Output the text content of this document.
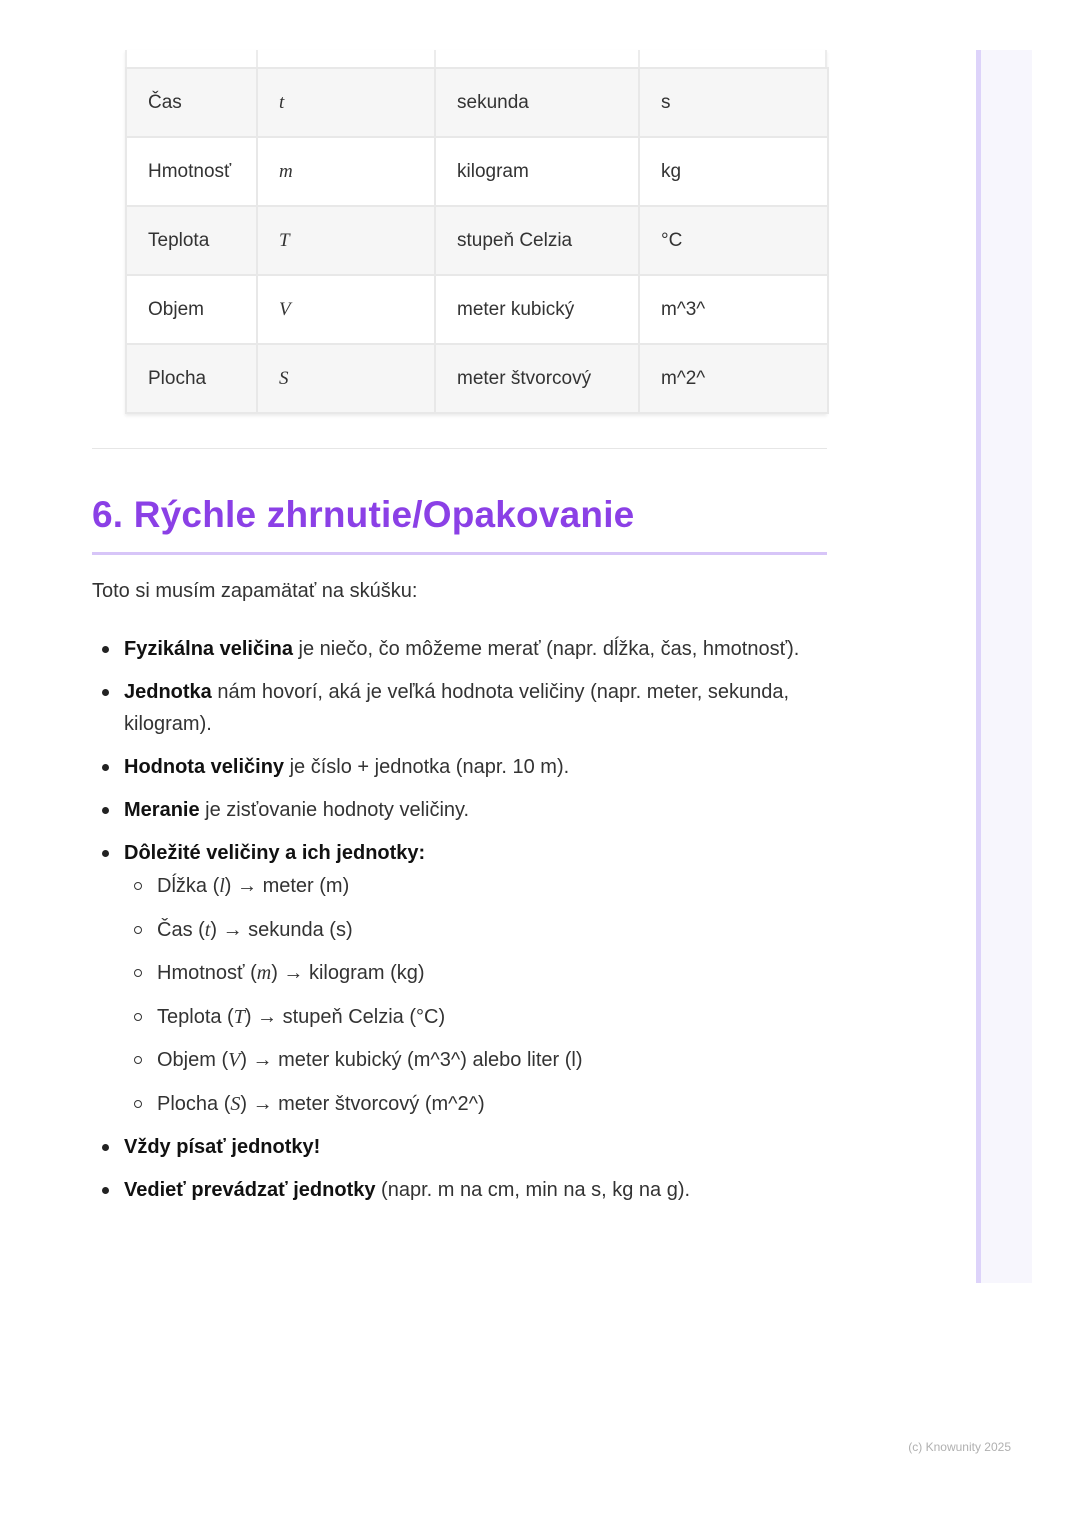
Čas	t	sekunda	s
Hmotnosť	m	kilogram	kg
Teplota	T	stupeň Celzia	°C
Objem	V	meter kubický	m^3^
Plocha	S	meter štvorcový	m^2^
6. Rýchle zhrnutie/Opakovanie

Toto si musím zapamätať na skúšku:

Fyzikálna veličina je niečo, čo môžeme merať (napr. dĺžka, čas, hmotnosť).
Jednotka nám hovorí, aká je veľká hodnota veličiny (napr. meter, sekunda, kilogram).
Hodnota veličiny je číslo + jednotka (napr. 10 m).
Meranie je zisťovanie hodnoty veličiny.
Dôležité veličiny a ich jednotky:
Dĺžka (l) → meter (m)
Čas (t) → sekunda (s)
Hmotnosť (m) → kilogram (kg)
Teplota (T) → stupeň Celzia (°C)
Objem (V) → meter kubický (m^3^) alebo liter (l)
Plocha (S) → meter štvorcový (m^2^)
Vždy písať jednotky!
Vedieť prevádzať jednotky (napr. m na cm, min na s, kg na g).
(c) Knowunity 2025
